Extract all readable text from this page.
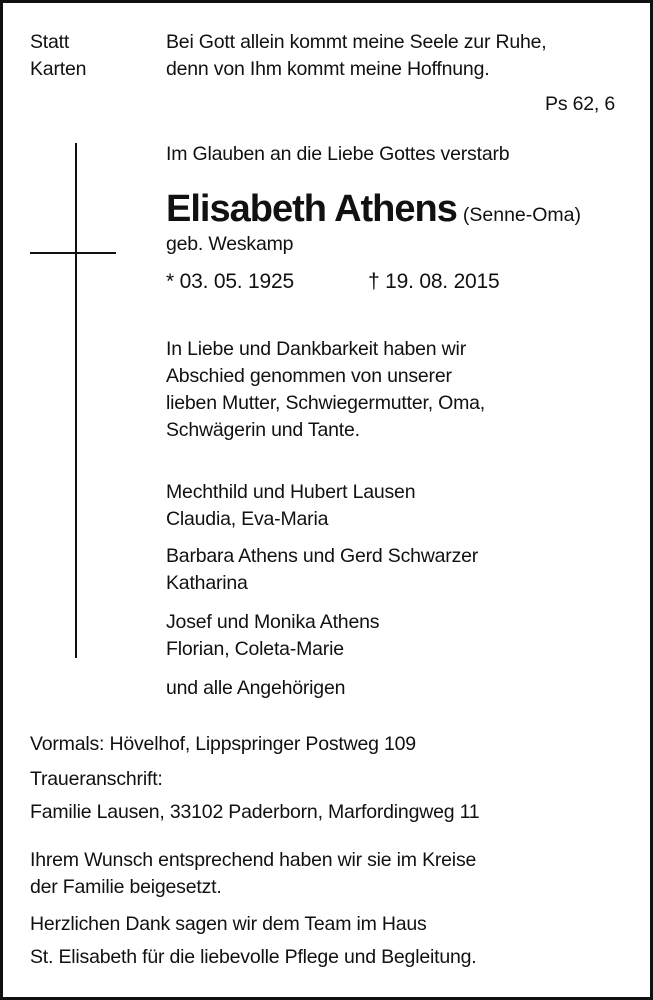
Statt
Karten
Bei Gott allein kommt meine Seele zur Ruhe,
denn von Ihm kommt meine Hoffnung.
Ps 62, 6
Im Glauben an die Liebe Gottes verstarb
Elisabeth Athens (Senne-Oma)
geb. Weskamp
* 03. 05. 1925	† 19. 08. 2015
In Liebe und Dankbarkeit haben wir
Abschied genommen von unserer
lieben Mutter, Schwiegermutter, Oma,
Schwägerin und Tante.
Mechthild und Hubert Lausen
Claudia, Eva-Maria
Barbara Athens und Gerd Schwarzer
Katharina
Josef und Monika Athens
Florian, Coleta-Marie
und alle Angehörigen
Vormals: Hövelhof, Lippspringer Postweg 109
Traueranschrift:
Familie Lausen, 33102 Paderborn, Marfordingweg 11
Ihrem Wunsch entsprechend haben wir sie im Kreise
der Familie beigesetzt.
Herzlichen Dank sagen wir dem Team im Haus
St. Elisabeth für die liebevolle Pflege und Begleitung.
